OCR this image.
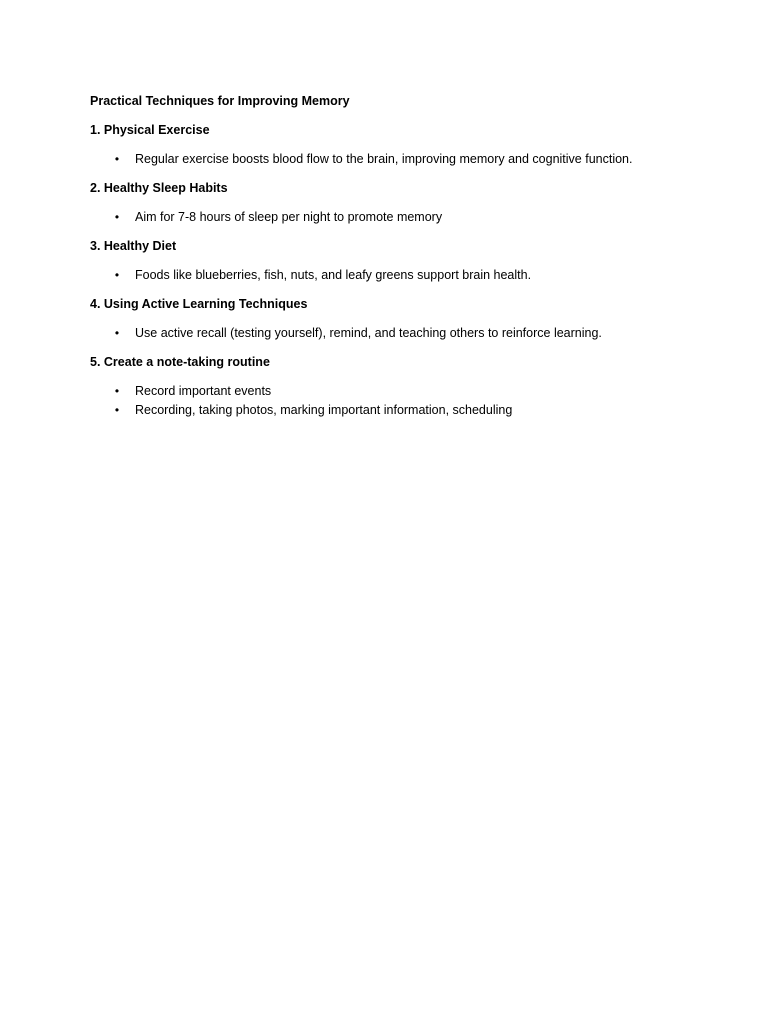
Practical Techniques for Improving Memory
1. Physical Exercise
• Regular exercise boosts blood flow to the brain, improving memory and cognitive function.
2. Healthy Sleep Habits
• Aim for 7-8 hours of sleep per night to promote memory
3. Healthy Diet
• Foods like blueberries, fish, nuts, and leafy greens support brain health.
4. Using Active Learning Techniques
• Use active recall (testing yourself), remind, and teaching others to reinforce learning.
5. Create a note-taking routine
• Record important events
• Recording, taking photos, marking important information, scheduling
